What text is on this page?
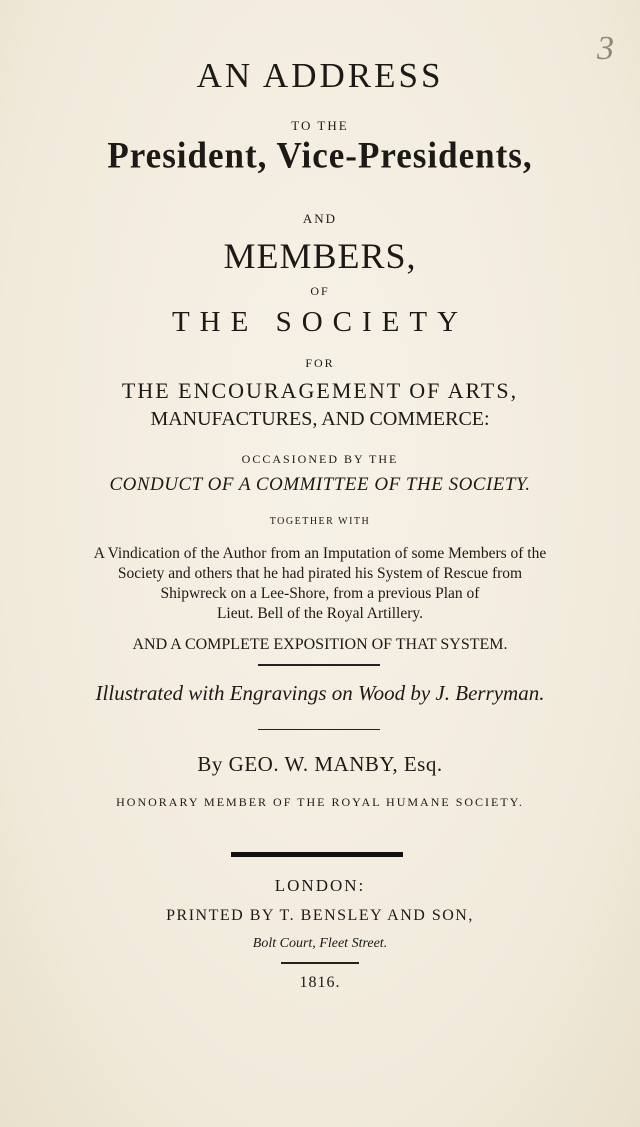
3
AN ADDRESS
TO THE
President, Vice-Presidents,
AND
MEMBERS,
OF
THE SOCIETY
FOR
THE ENCOURAGEMENT OF ARTS,
MANUFACTURES, AND COMMERCE:
OCCASIONED BY THE
CONDUCT OF A COMMITTEE OF THE SOCIETY.
TOGETHER WITH
A Vindication of the Author from an Imputation of some Members of the
Society and others that he had pirated his System of Rescue from
Shipwreck on a Lee-Shore, from a previous Plan of
Lieut. Bell of the Royal Artillery.
AND A COMPLETE EXPOSITION OF THAT SYSTEM.
Illustrated with Engravings on Wood by J. Berryman.
By GEO. W. MANBY, Esq.
HONORARY MEMBER OF THE ROYAL HUMANE SOCIETY.
LONDON:
PRINTED BY T. BENSLEY AND SON,
Bolt Court, Fleet Street.
1816.
